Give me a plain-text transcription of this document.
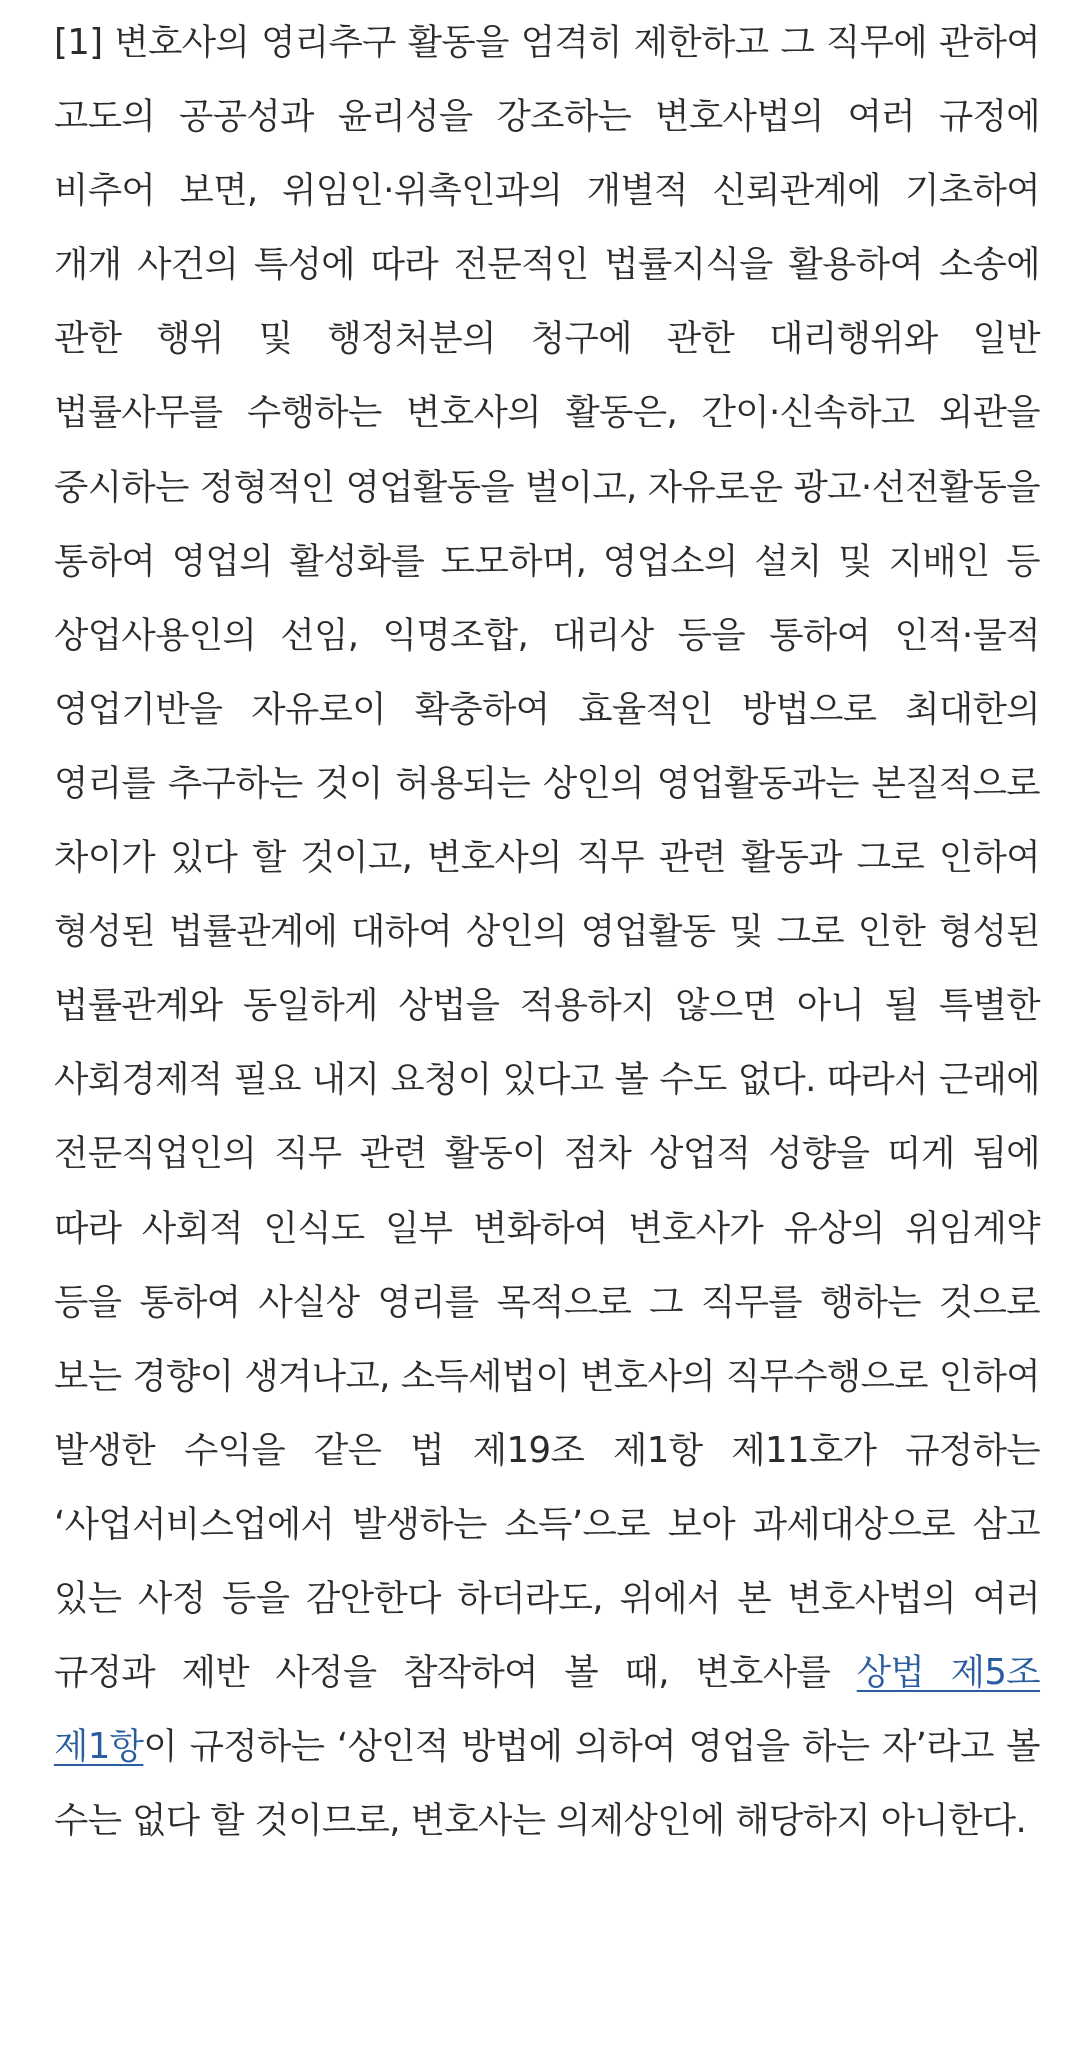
[1] 변호사의 영리추구 활동을 엄격히 제한하고 그 직무에 관하여 고도의 공공성과 윤리성을 강조하는 변호사법의 여러 규정에 비추어 보면, 위임인·위촉인과의 개별적 신뢰관계에 기초하여 개개 사건의 특성에 따라 전문적인 법률지식을 활용하여 소송에 관한 행위 및 행정처분의 청구에 관한 대리행위와 일반 법률사무를 수행하는 변호사의 활동은, 간이·신속하고 외관을 중시하는 정형적인 영업활동을 벌이고, 자유로운 광고·선전활동을 통하여 영업의 활성화를 도모하며, 영업소의 설치 및 지배인 등 상업사용인의 선임, 익명조합, 대리상 등을 통하여 인적·물적 영업기반을 자유로이 확충하여 효율적인 방법으로 최대한의 영리를 추구하는 것이 허용되는 상인의 영업활동과는 본질적으로 차이가 있다 할 것이고, 변호사의 직무 관련 활동과 그로 인하여 형성된 법률관계에 대하여 상인의 영업활동 및 그로 인한 형성된 법률관계와 동일하게 상법을 적용하지 않으면 아니 될 특별한 사회경제적 필요 내지 요청이 있다고 볼 수도 없다. 따라서 근래에 전문직업인의 직무 관련 활동이 점차 상업적 성향을 띠게 됨에 따라 사회적 인식도 일부 변화하여 변호사가 유상의 위임계약 등을 통하여 사실상 영리를 목적으로 그 직무를 행하는 것으로 보는 경향이 생겨나고, 소득세법이 변호사의 직무수행으로 인하여 발생한 수익을 같은 법 제19조 제1항 제11호가 규정하는 ‘사업서비스업에서 발생하는 소득’으로 보아 과세대상으로 삼고 있는 사정 등을 감안한다 하더라도, 위에서 본 변호사법의 여러 규정과 제반 사정을 참작하여 볼 때, 변호사를 상법 제5조 제1항이 규정하는 ‘상인적 방법에 의하여 영업을 하는 자’라고 볼 수는 없다 할 것이므로, 변호사는 의제상인에 해당하지 아니한다.
